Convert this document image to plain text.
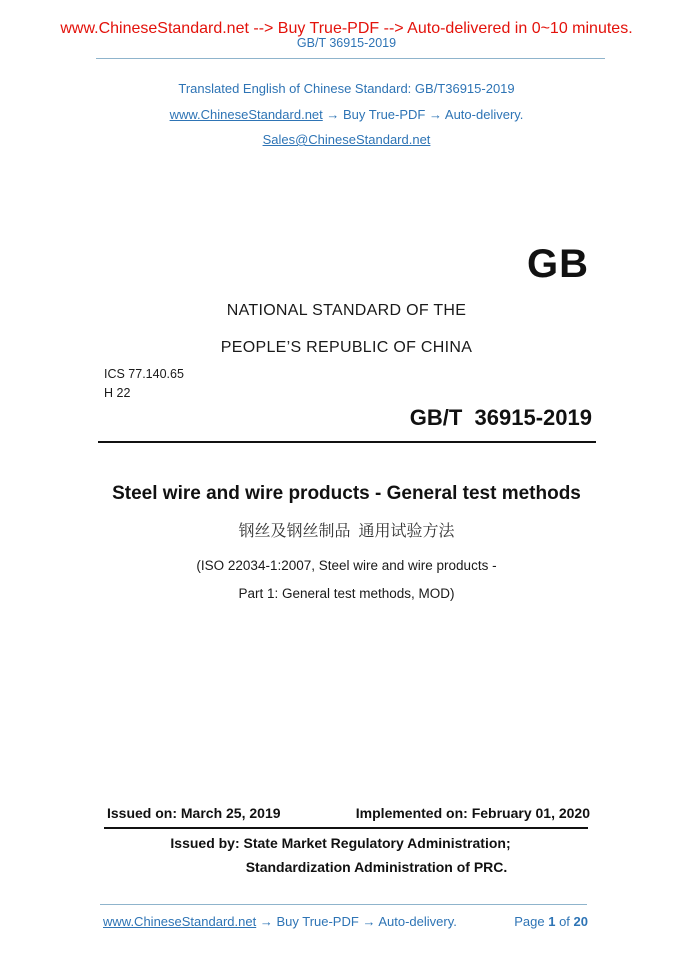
www.ChineseStandard.net --> Buy True-PDF --> Auto-delivered in 0~10 minutes.
GB/T 36915-2019
Translated English of Chinese Standard: GB/T36915-2019
www.ChineseStandard.net → Buy True-PDF → Auto-delivery.
Sales@ChineseStandard.net
GB
NATIONAL STANDARD OF THE
PEOPLE’S REPUBLIC OF CHINA
ICS 77.140.65
H 22
GB/T  36915-2019
Steel wire and wire products - General test methods
钢丝及钢丝制品  通用试验方法
(ISO 22034-1:2007, Steel wire and wire products -
Part 1: General test methods, MOD)
Issued on: March 25, 2019	Implemented on: February 01, 2020
Issued by: State Market Regulatory Administration;
Standardization Administration of PRC.
www.ChineseStandard.net → Buy True-PDF → Auto-delivery.	Page 1 of 20
